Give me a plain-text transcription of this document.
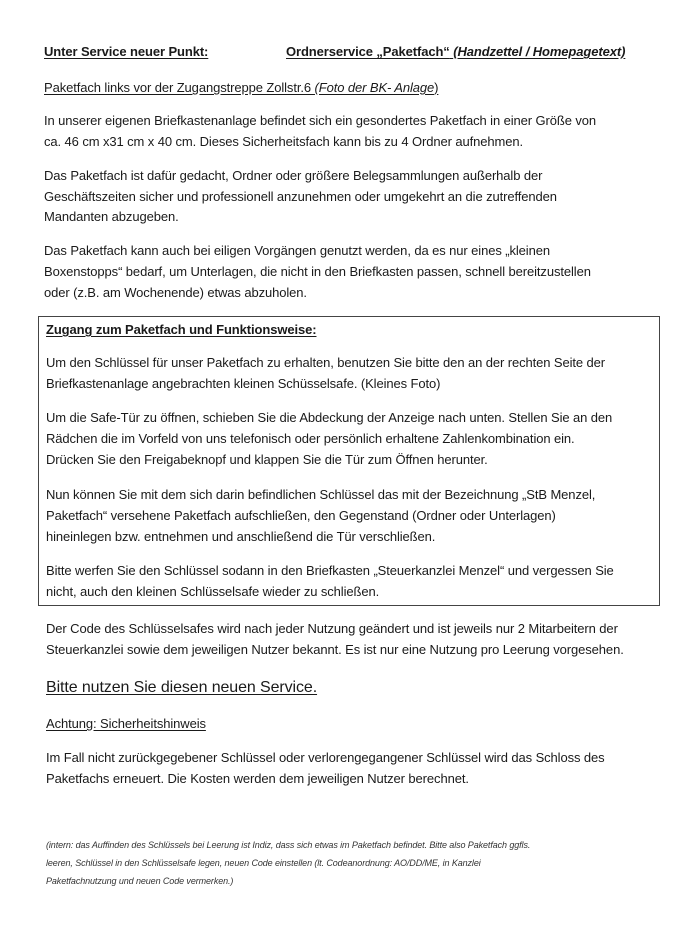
Unter Service neuer Punkt:	Ordnerservice „Paketfach“ (Handzettel / Homepagetext)
Paketfach links vor der Zugangstreppe Zollstr.6 (Foto der BK- Anlage)
In unserer eigenen Briefkastenanlage befindet sich ein gesondertes Paketfach in einer Größe von
ca. 46 cm x31 cm x 40 cm. Dieses Sicherheitsfach kann bis zu 4 Ordner aufnehmen.
Das Paketfach ist dafür gedacht, Ordner oder größere Belegsammlungen außerhalb der
Geschäftszeiten sicher und professionell anzunehmen oder umgekehrt an die zutreffenden
Mandanten abzugeben.
Das Paketfach kann auch bei eiligen Vorgängen genutzt werden, da es nur eines „kleinen
Boxenstopps“ bedarf, um Unterlagen, die nicht in den Briefkasten passen, schnell bereitzustellen
oder (z.B. am Wochenende) etwas abzuholen.
Zugang zum Paketfach und Funktionsweise:
Um den Schlüssel für unser Paketfach zu erhalten, benutzen Sie bitte den an der rechten Seite der
Briefkastenanlage angebrachten kleinen Schüsselsafe. (Kleines Foto)
Um die Safe-Tür zu öffnen, schieben Sie die Abdeckung der Anzeige nach unten. Stellen Sie an den
Rädchen die im Vorfeld von uns telefonisch oder persönlich erhaltene Zahlenkombination ein.
Drücken Sie den Freigabeknopf und klappen Sie die Tür zum Öffnen herunter.
Nun können Sie mit dem sich darin befindlichen Schlüssel das mit der Bezeichnung „StB Menzel,
Paketfach“ versehene Paketfach aufschließen, den Gegenstand (Ordner oder Unterlagen)
hineinlegen bzw. entnehmen und anschließend die Tür verschließen.
Bitte werfen Sie den Schlüssel sodann in den Briefkasten „Steuerkanzlei Menzel“ und vergessen Sie
nicht, auch den kleinen Schlüsselsafe wieder zu schließen.
Der Code des Schlüsselsafes wird nach jeder Nutzung geändert und ist jeweils nur 2 Mitarbeitern der
Steuerkanzlei sowie dem jeweiligen Nutzer bekannt. Es ist nur eine Nutzung pro Leerung vorgesehen.
Bitte nutzen Sie diesen neuen Service.
Achtung: Sicherheitshinweis
Im Fall nicht zurückgegebener Schlüssel oder verlorengegangener Schlüssel wird das Schloss des
Paketfachs erneuert. Die Kosten werden dem jeweiligen Nutzer berechnet.
(intern: das Auffinden des Schlüssels bei Leerung ist Indiz, dass sich etwas im Paketfach befindet. Bitte also Paketfach ggfls.
leeren, Schlüssel in den Schlüsselsafe legen, neuen Code einstellen (lt. Codeanordnung: AO/DD/ME, in Kanzlei
Paketfachnutzung und neuen Code vermerken.)
